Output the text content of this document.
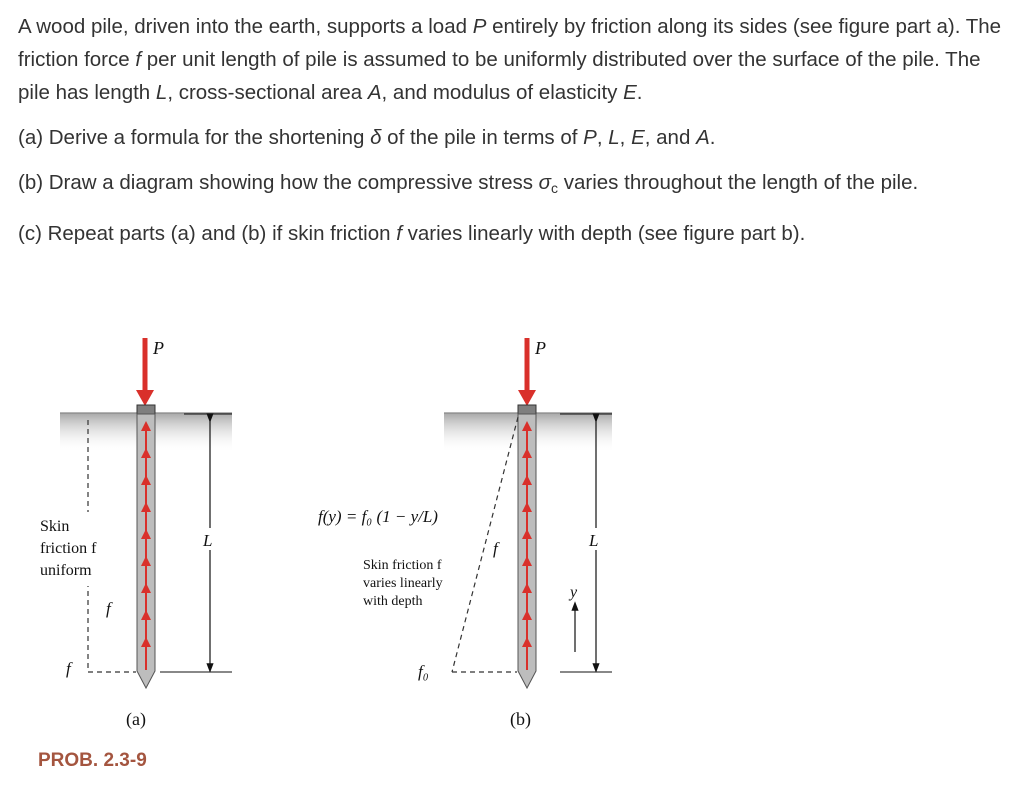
A wood pile, driven into the earth, supports a load P entirely by friction along its sides (see figure part a). The friction force f per unit length of pile is assumed to be uniformly distributed over the surface of the pile. The pile has length L, cross-sectional area A, and modulus of elasticity E.

(a) Derive a formula for the shortening δ of the pile in terms of P, L, E, and A.

(b) Draw a diagram showing how the compressive stress $\sigma_c$ varies throughout the length of the pile.

(c) Repeat parts (a) and (b) if skin friction f varies linearly with depth (see figure part b).

P
f
f
Skin
friction f
uniform
L
(a)
P
f₀
f(y) = f₀ (1 − y/L)
f
Skin friction f
varies linearly
with depth
y
L
(b)
PROB. 2.3-9
